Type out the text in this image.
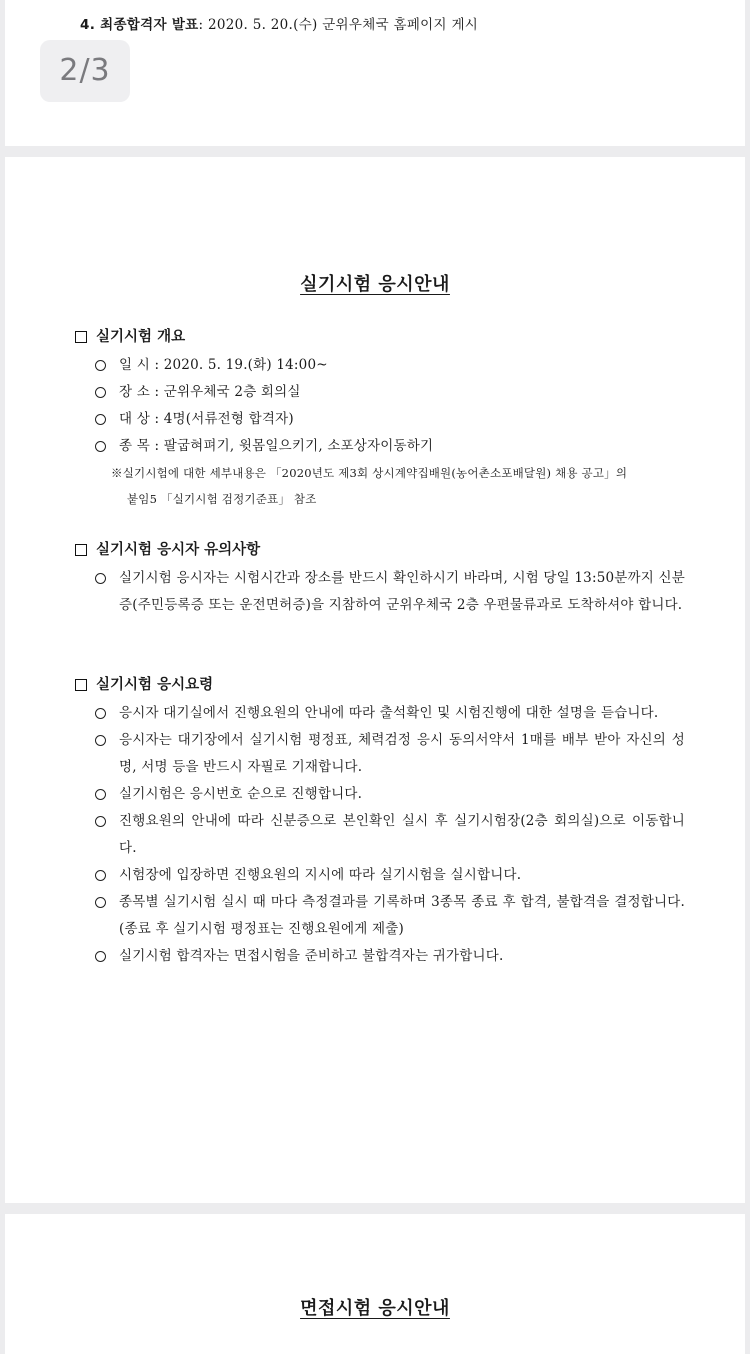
4. 최종합격자 발표: 2020. 5. 20.(수) 군위우체국 홈페이지 게시
실기시험 응시안내
실기시험 개요
일 시 : 2020. 5. 19.(화) 14:00~
장 소 : 군위우체국 2층 회의실
대 상 : 4명(서류전형 합격자)
종 목 : 팔굽혀펴기, 윗몸일으키기, 소포상자이동하기
※실기시험에 대한 세부내용은 「2020년도 제3회 상시계약집배원(농어촌소포배달원) 채용 공고」의
붙임5 「실기시험 검정기준표」 참조
실기시험 응시자 유의사항
실기시험 응시자는 시험시간과 장소를 반드시 확인하시기 바라며, 시험 당일 13:50분까지 신분증(주민등록증 또는 운전면허증)을 지참하여 군위우체국 2층 우편물류과로 도착하셔야 합니다.
실기시험 응시요령
응시자 대기실에서 진행요원의 안내에 따라 출석확인 및 시험진행에 대한 설명을 듣습니다.
응시자는 대기장에서 실기시험 평정표, 체력검정 응시 동의서약서 1매를 배부 받아 자신의 성명, 서명 등을 반드시 자필로 기재합니다.
실기시험은 응시번호 순으로 진행합니다.
진행요원의 안내에 따라 신분증으로 본인확인 실시 후 실기시험장(2층 회의실)으로 이동합니다.
시험장에 입장하면 진행요원의 지시에 따라 실기시험을 실시합니다.
종목별 실기시험 실시 때 마다 측정결과를 기록하며 3종목 종료 후 합격, 불합격을 결정합니다. (종료 후 실기시험 평정표는 진행요원에게 제출)
실기시험 합격자는 면접시험을 준비하고 불합격자는 귀가합니다.
면접시험 응시안내
2/3
